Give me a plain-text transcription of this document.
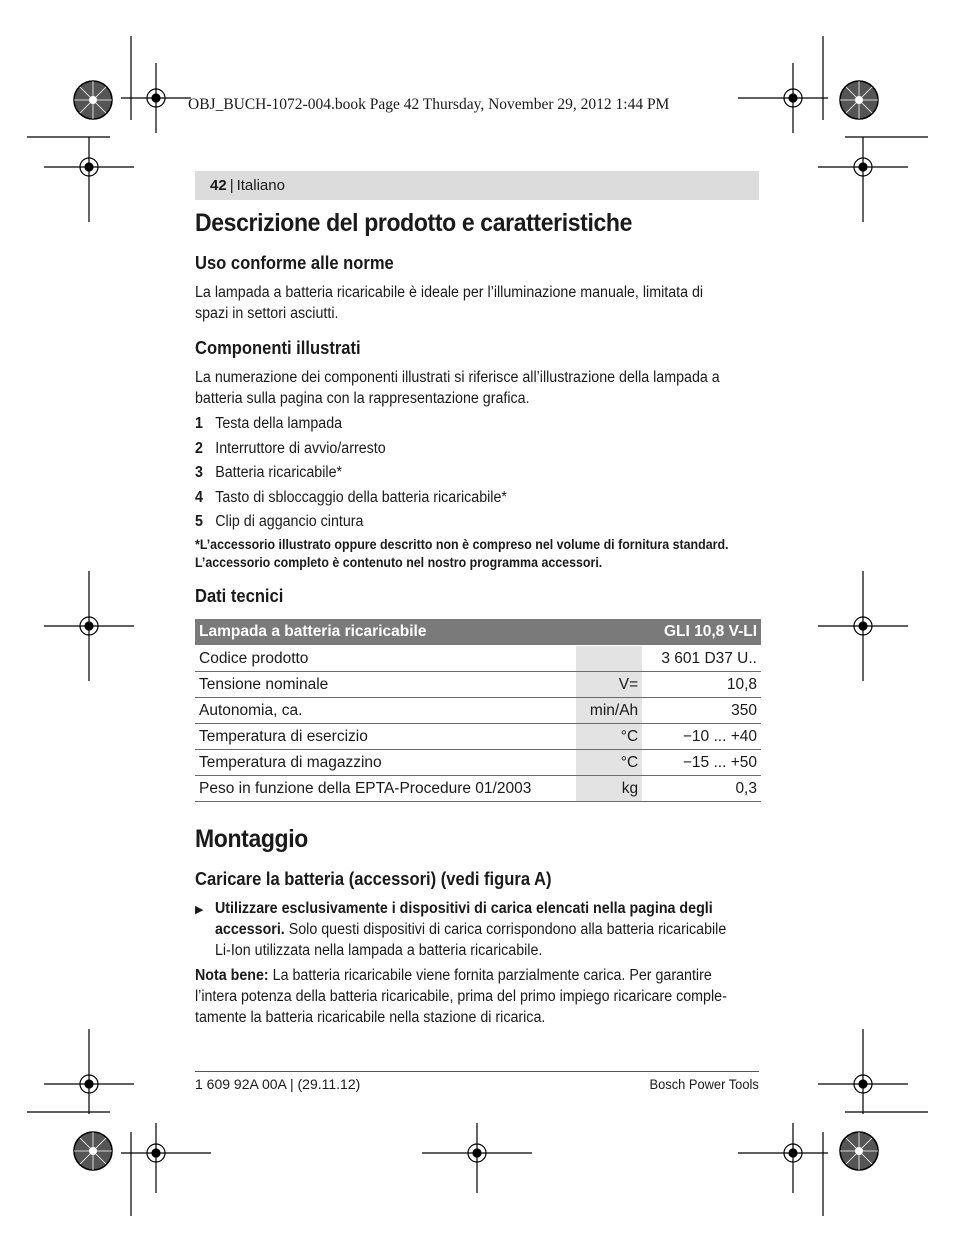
OBJ_BUCH-1072-004.book Page 42 Thursday, November 29, 2012 1:44 PM
42 | Italiano
Descrizione del prodotto e caratteristiche
Uso conforme alle norme
La lampada a batteria ricaricabile è ideale per l’illuminazione manuale, limitata di
spazi in settori asciutti.
Componenti illustrati
La numerazione dei componenti illustrati si riferisce all’illustrazione della lampada a
batteria sulla pagina con la rappresentazione grafica.
1 Testa della lampada
2 Interruttore di avvio/arresto
3 Batteria ricaricabile*
4 Tasto di sbloccaggio della batteria ricaricabile*
5 Clip di aggancio cintura
*L’accessorio illustrato oppure descritto non è compreso nel volume di fornitura standard.
L’accessorio completo è contenuto nel nostro programma accessori.
Dati tecnici
Lampada a batteria ricaricabile		GLI 10,8 V-LI
Codice prodotto		3 601 D37 U..
Tensione nominale	V=	10,8
Autonomia, ca.	min/Ah	350
Temperatura di esercizio	°C	−10 ... +40
Temperatura di magazzino	°C	−15 ... +50
Peso in funzione della EPTA-Procedure 01/2003	kg	0,3
Montaggio
Caricare la batteria (accessori) (vedi figura A)
▶ Utilizzare esclusivamente i dispositivi di carica elencati nella pagina degli
accessori. Solo questi dispositivi di carica corrispondono alla batteria ricaricabile
Li-Ion utilizzata nella lampada a batteria ricaricabile.
Nota bene: La batteria ricaricabile viene fornita parzialmente carica. Per garantire
l’intera potenza della batteria ricaricabile, prima del primo impiego ricaricare comple-
tamente la batteria ricaricabile nella stazione di ricarica.
1 609 92A 00A | (29.11.12)	Bosch Power Tools
